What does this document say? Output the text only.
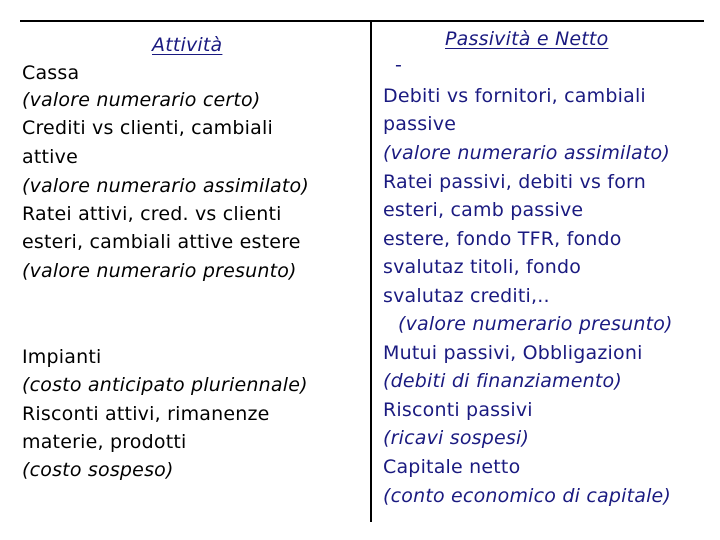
Attività
Cassa
(valore numerario certo)
Crediti vs clienti, cambiali
attive
(valore numerario assimilato)
Ratei attivi, cred. vs clienti
esteri, cambiali attive estere
(valore numerario presunto)
Impianti
(costo anticipato pluriennale)
Risconti attivi, rimanenze
materie, prodotti
(costo sospeso)
Passività e Netto
-
Debiti vs fornitori, cambiali
passive
(valore numerario assimilato)
Ratei passivi, debiti vs forn
esteri, camb passive
estere, fondo TFR, fondo
svalutaz titoli, fondo
svalutaz crediti,..
(valore numerario presunto)
Mutui passivi, Obbligazioni
(debiti di finanziamento)
Risconti passivi
(ricavi sospesi)
Capitale netto
(conto economico di capitale)
